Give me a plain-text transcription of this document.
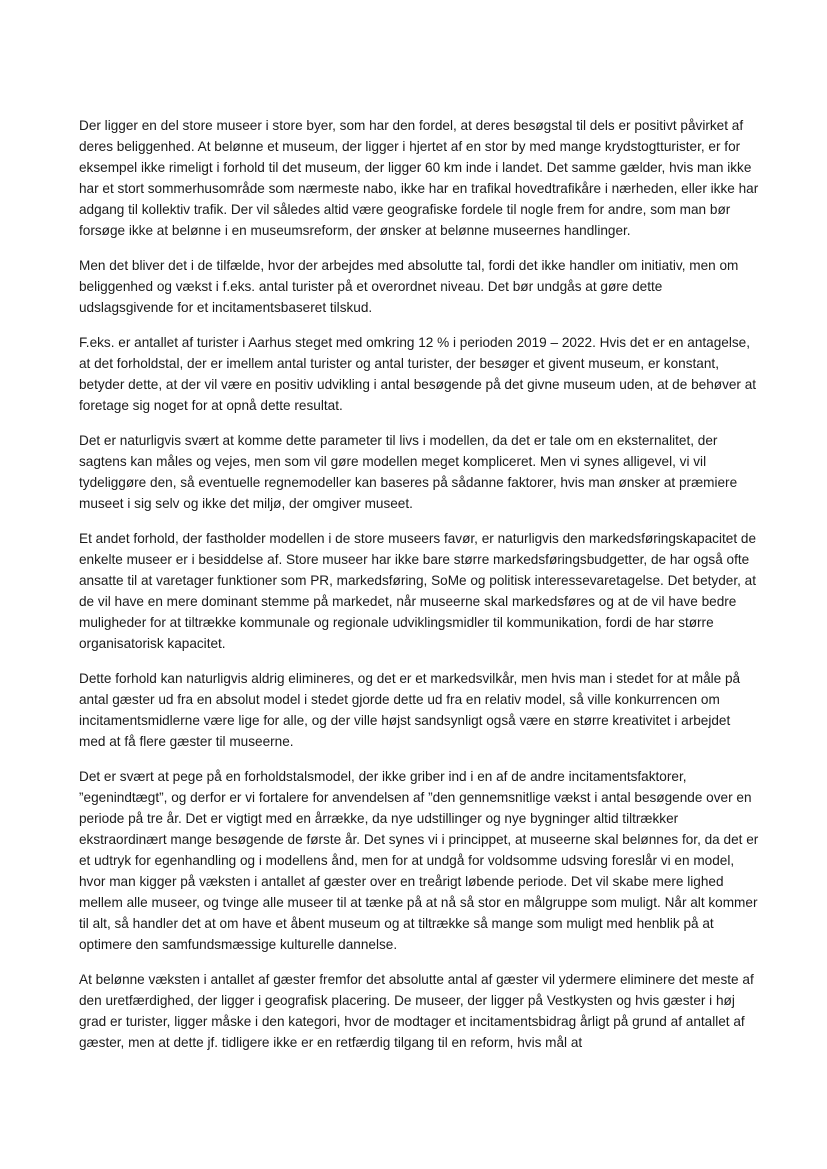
Der ligger en del store museer i store byer, som har den fordel, at deres besøgstal til dels er positivt påvirket af deres beliggenhed. At belønne et museum, der ligger i hjertet af en stor by med mange krydstogtturister, er for eksempel ikke rimeligt i forhold til det museum, der ligger 60 km inde i landet. Det samme gælder, hvis man ikke har et stort sommerhusområde som nærmeste nabo, ikke har en trafikal hovedtrafikåre i nærheden, eller ikke har adgang til kollektiv trafik. Der vil således altid være geografiske fordele til nogle frem for andre, som man bør forsøge ikke at belønne i en museumsreform, der ønsker at belønne museernes handlinger.

Men det bliver det i de tilfælde, hvor der arbejdes med absolutte tal, fordi det ikke handler om initiativ, men om beliggenhed og vækst i f.eks. antal turister på et overordnet niveau. Det bør undgås at gøre dette udslagsgivende for et incitamentsbaseret tilskud.

F.eks. er antallet af turister i Aarhus steget med omkring 12 % i perioden 2019 – 2022. Hvis det er en antagelse, at det forholdstal, der er imellem antal turister og antal turister, der besøger et givent museum, er konstant, betyder dette, at der vil være en positiv udvikling i antal besøgende på det givne museum uden, at de behøver at foretage sig noget for at opnå dette resultat.

Det er naturligvis svært at komme dette parameter til livs i modellen, da det er tale om en eksternalitet, der sagtens kan måles og vejes, men som vil gøre modellen meget kompliceret. Men vi synes alligevel, vi vil tydeliggøre den, så eventuelle regnemodeller kan baseres på sådanne faktorer, hvis man ønsker at præmiere museet i sig selv og ikke det miljø, der omgiver museet.

Et andet forhold, der fastholder modellen i de store museers favør, er naturligvis den markedsføringskapacitet de enkelte museer er i besiddelse af. Store museer har ikke bare større markedsføringsbudgetter, de har også ofte ansatte til at varetager funktioner som PR, markedsføring, SoMe og politisk interessevaretagelse. Det betyder, at de vil have en mere dominant stemme på markedet, når museerne skal markedsføres og at de vil have bedre muligheder for at tiltrække kommunale og regionale udviklingsmidler til kommunikation, fordi de har større organisatorisk kapacitet.

Dette forhold kan naturligvis aldrig elimineres, og det er et markedsvilkår, men hvis man i stedet for at måle på antal gæster ud fra en absolut model i stedet gjorde dette ud fra en relativ model, så ville konkurrencen om incitamentsmidlerne være lige for alle, og der ville højst sandsynligt også være en større kreativitet i arbejdet med at få flere gæster til museerne.

Det er svært at pege på en forholdstalsmodel, der ikke griber ind i en af de andre incitamentsfaktorer, ”egenindtægt”, og derfor er vi fortalere for anvendelsen af ”den gennemsnitlige vækst i antal besøgende over en periode på tre år. Det er vigtigt med en årrække, da nye udstillinger og nye bygninger altid tiltrækker ekstraordinært mange besøgende de første år. Det synes vi i princippet, at museerne skal belønnes for, da det er et udtryk for egenhandling og i modellens ånd, men for at undgå for voldsomme udsving foreslår vi en model, hvor man kigger på væksten i antallet af gæster over en treårigt løbende periode. Det vil skabe mere lighed mellem alle museer, og tvinge alle museer til at tænke på at nå så stor en målgruppe som muligt. Når alt kommer til alt, så handler det at om have et åbent museum og at tiltrække så mange som muligt med henblik på at optimere den samfundsmæssige kulturelle dannelse.

At belønne væksten i antallet af gæster fremfor det absolutte antal af gæster vil ydermere eliminere det meste af den uretfærdighed, der ligger i geografisk placering. De museer, der ligger på Vestkysten og hvis gæster i høj grad er turister, ligger måske i den kategori, hvor de modtager et incitamentsbidrag årligt på grund af antallet af gæster, men at dette jf. tidligere ikke er en retfærdig tilgang til en reform, hvis mål at
